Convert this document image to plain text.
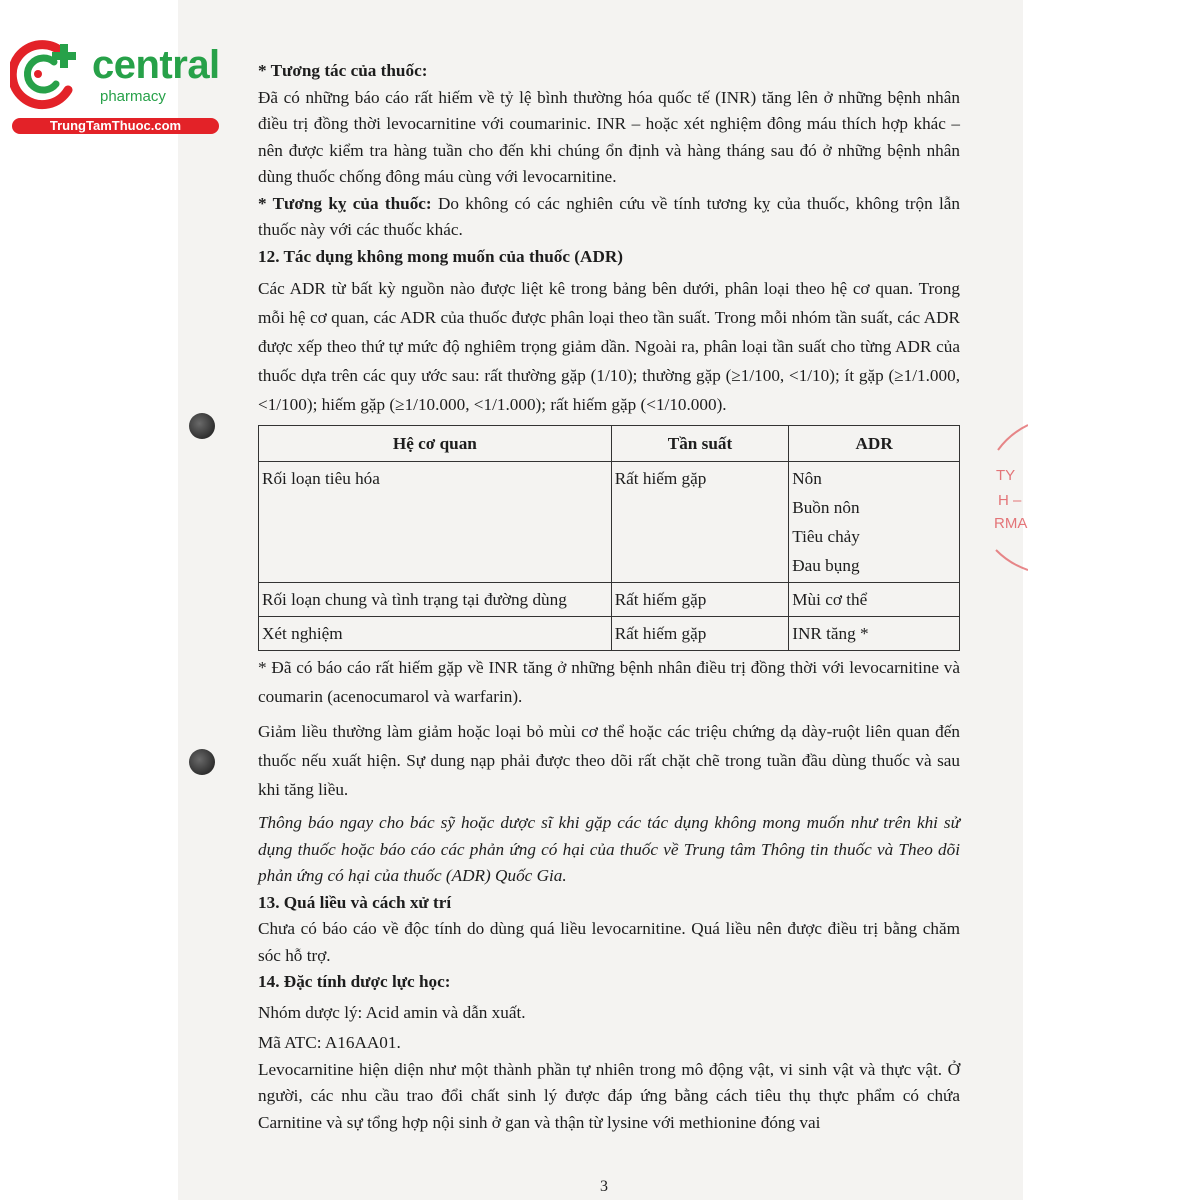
central
pharmacy
TrungTamThuoc.com
TY
H –
RMA

* Tương tác của thuốc:

Đã có những báo cáo rất hiếm về tỷ lệ bình thường hóa quốc tế (INR) tăng lên ở những bệnh nhân điều trị đồng thời levocarnitine với coumarinic. INR – hoặc xét nghiệm đông máu thích hợp khác – nên được kiểm tra hàng tuần cho đến khi chúng ổn định và hàng tháng sau đó ở những bệnh nhân dùng thuốc chống đông máu cùng với levocarnitine.

* Tương kỵ của thuốc: Do không có các nghiên cứu về tính tương kỵ của thuốc, không trộn lẫn thuốc này với các thuốc khác.

12. Tác dụng không mong muốn của thuốc (ADR)

Các ADR từ bất kỳ nguồn nào được liệt kê trong bảng bên dưới, phân loại theo hệ cơ quan. Trong mỗi hệ cơ quan, các ADR của thuốc được phân loại theo tần suất. Trong mỗi nhóm tần suất, các ADR được xếp theo thứ tự mức độ nghiêm trọng giảm dần. Ngoài ra, phân loại tần suất cho từng ADR của thuốc dựa trên các quy ước sau: rất thường gặp (1/10); thường gặp (≥1/100, <1/10); ít gặp (≥1/1.000, <1/100); hiếm gặp (≥1/10.000, <1/1.000); rất hiếm gặp (<1/10.000).

Hệ cơ quan	Tần suất	ADR
Rối loạn tiêu hóa	Rất hiếm gặp	Nôn
Buồn nôn
Tiêu chảy
Đau bụng

Rối loạn chung và tình trạng tại đường dùng	Rất hiếm gặp	Mùi cơ thể
Xét nghiệm	Rất hiếm gặp	INR tăng *

* Đã có báo cáo rất hiếm gặp về INR tăng ở những bệnh nhân điều trị đồng thời với levocarnitine và coumarin (acenocumarol và warfarin).

Giảm liều thường làm giảm hoặc loại bỏ mùi cơ thể hoặc các triệu chứng dạ dày-ruột liên quan đến thuốc nếu xuất hiện. Sự dung nạp phải được theo dõi rất chặt chẽ trong tuần đầu dùng thuốc và sau khi tăng liều.

Thông báo ngay cho bác sỹ hoặc dược sĩ khi gặp các tác dụng không mong muốn như trên khi sử dụng thuốc hoặc báo cáo các phản ứng có hại của thuốc về Trung tâm Thông tin thuốc và Theo dõi phản ứng có hại của thuốc (ADR) Quốc Gia.

13. Quá liều và cách xử trí

Chưa có báo cáo về độc tính do dùng quá liều levocarnitine. Quá liều nên được điều trị bằng chăm sóc hỗ trợ.

14. Đặc tính dược lực học:

Nhóm dược lý: Acid amin và dẫn xuất.

Mã ATC: A16AA01.

Levocarnitine hiện diện như một thành phần tự nhiên trong mô động vật, vi sinh vật và thực vật. Ở người, các nhu cầu trao đổi chất sinh lý được đáp ứng bằng cách tiêu thụ thực phẩm có chứa Carnitine và sự tổng hợp nội sinh ở gan và thận từ lysine với methionine đóng vai

3
